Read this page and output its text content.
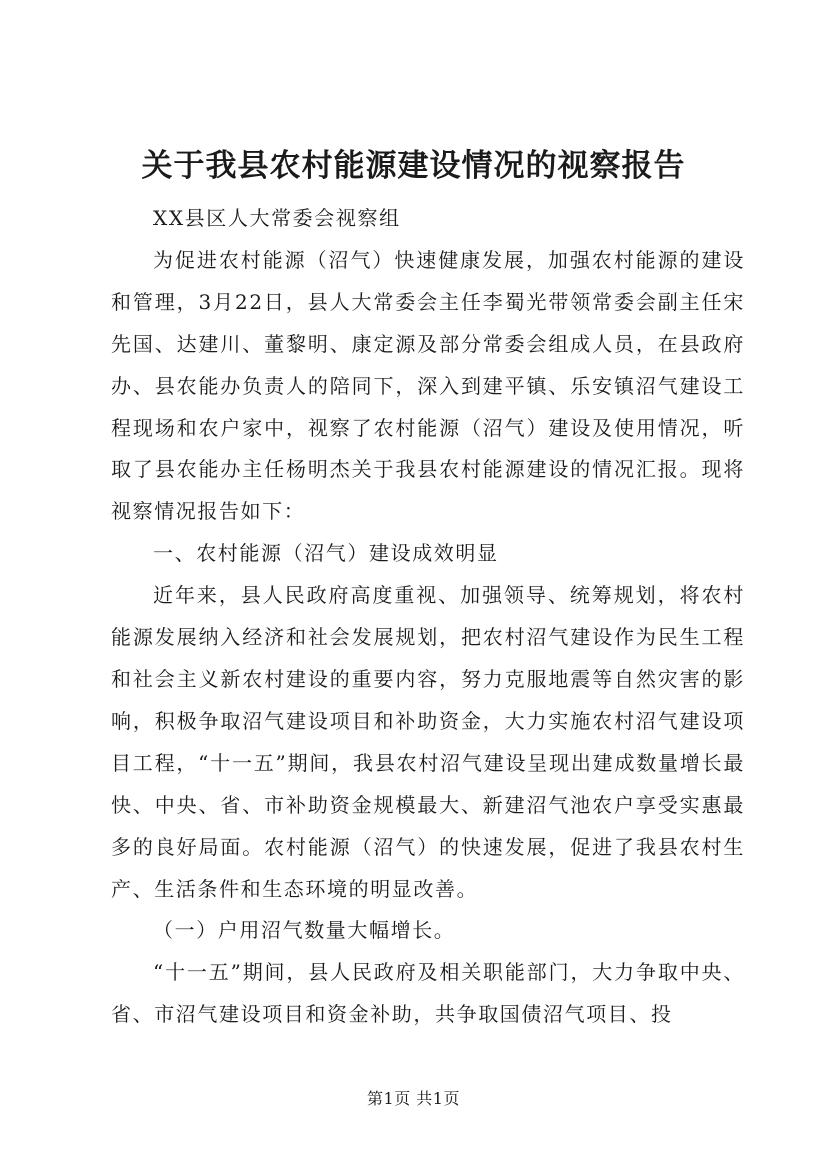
关于我县农村能源建设情况的视察报告

XX县区人大常委会视察组

为促进农村能源（沼气）快速健康发展，加强农村能源的建设和管理，3月22日，县人大常委会主任李蜀光带领常委会副主任宋先国、达建川、董黎明、康定源及部分常委会组成人员，在县政府办、县农能办负责人的陪同下，深入到建平镇、乐安镇沼气建设工程现场和农户家中，视察了农村能源（沼气）建设及使用情况，听取了县农能办主任杨明杰关于我县农村能源建设的情况汇报。现将视察情况报告如下：

一、农村能源（沼气）建设成效明显

近年来，县人民政府高度重视、加强领导、统筹规划，将农村能源发展纳入经济和社会发展规划，把农村沼气建设作为民生工程和社会主义新农村建设的重要内容，努力克服地震等自然灾害的影响，积极争取沼气建设项目和补助资金，大力实施农村沼气建设项目工程，“十一五”期间，我县农村沼气建设呈现出建成数量增长最快、中央、省、市补助资金规模最大、新建沼气池农户享受实惠最多的良好局面。农村能源（沼气）的快速发展，促进了我县农村生产、生活条件和生态环境的明显改善。

（一）户用沼气数量大幅增长。

“十一五”期间，县人民政府及相关职能部门，大力争取中央、省、市沼气建设项目和资金补助，共争取国债沼气项目、投

第1页 共1页
